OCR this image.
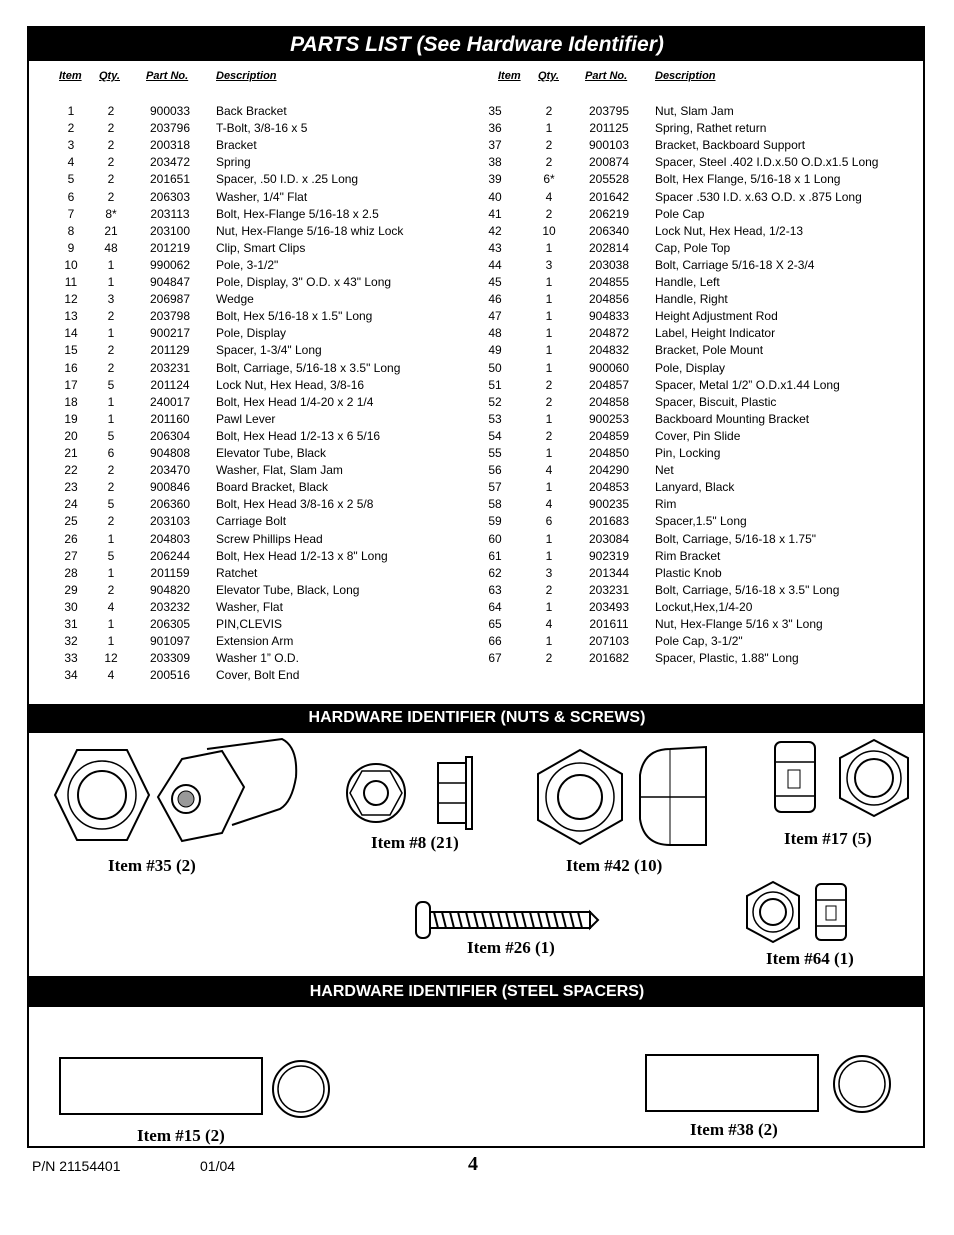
PARTS LIST (See Hardware Identifier)
Item Qty. Part No.	Description	Item Qty. Part No.	Description
1	2	900033	Back Bracket
2	2	203796	T-Bolt, 3/8-16 x 5
3	2	200318	Bracket
4	2	203472	Spring
5	2	201651	Spacer, .50 I.D. x .25 Long
6	2	206303	Washer, 1/4" Flat
7	8*	203113	Bolt, Hex-Flange 5/16-18 x 2.5
8	21	203100	Nut, Hex-Flange 5/16-18 whiz Lock
9	48	201219	Clip, Smart Clips
10	1	990062	Pole, 3-1/2"
11	1	904847	Pole, Display, 3" O.D. x 43" Long
12	3	206987	Wedge
13	2	203798	Bolt, Hex 5/16-18 x 1.5" Long
14	1	900217	Pole, Display
15	2	201129	Spacer, 1-3/4" Long
16	2	203231	Bolt, Carriage, 5/16-18 x 3.5" Long
17	5	201124	Lock Nut, Hex Head, 3/8-16
18	1	240017	Bolt, Hex Head 1/4-20 x 2 1/4
19	1	201160	Pawl Lever
20	5	206304	Bolt, Hex Head 1/2-13 x 6 5/16
21	6	904808	Elevator Tube, Black
22	2	203470	Washer, Flat, Slam Jam
23	2	900846	Board Bracket, Black
24	5	206360	Bolt, Hex Head 3/8-16 x 2 5/8
25	2	203103	Carriage Bolt
26	1	204803	Screw Phillips Head
27	5	206244	Bolt, Hex Head 1/2-13 x 8" Long
28	1	201159	Ratchet
29	2	904820	Elevator Tube, Black, Long
30	4	203232	Washer, Flat
31	1	206305	PIN,CLEVIS
32	1	901097	Extension Arm
33	12	203309	Washer 1” O.D.
34	4	200516	Cover, Bolt End
35	2	203795	Nut, Slam Jam
36	1	201125	Spring, Rathet return
37	2	900103	Bracket, Backboard Support
38	2	200874	Spacer, Steel .402 I.D.x.50 O.D.x1.5 Long
39	6*	205528	Bolt, Hex Flange, 5/16-18 x 1 Long
40	4	201642	Spacer .530 I.D. x.63 O.D. x .875 Long
41	2	206219	Pole Cap
42	10	206340	Lock Nut, Hex Head, 1/2-13
43	1	202814	Cap, Pole Top
44	3	203038	Bolt, Carriage 5/16-18 X 2-3/4
45	1	204855	Handle, Left
46	1	204856	Handle, Right
47	1	904833	Height Adjustment Rod
48	1	204872	Label, Height Indicator
49	1	204832	Bracket, Pole Mount
50	1	900060	Pole, Display
51	2	204857	Spacer, Metal 1/2” O.D.x1.44 Long
52	2	204858	Spacer, Biscuit, Plastic
53	1	900253	Backboard Mounting Bracket
54	2	204859	Cover, Pin Slide
55	1	204850	Pin, Locking
56	4	204290	Net
57	1	204853	Lanyard, Black
58	4	900235	Rim
59	6	201683	Spacer,1.5" Long
60	1	203084	Bolt, Carriage, 5/16-18 x 1.75"
61	1	902319	Rim Bracket
62	3	201344	Plastic Knob
63	2	203231	Bolt, Carriage, 5/16-18 x 3.5" Long
64	1	203493	Lockut,Hex,1/4-20
65	4	201611	Nut, Hex-Flange 5/16 x 3" Long
66	1	207103	Pole Cap, 3-1/2"
67	2	201682	Spacer, Plastic, 1.88" Long
HARDWARE IDENTIFIER (NUTS & SCREWS)
Item #35 (2)
Item #8 (21)
Item #42 (10)
Item #17 (5)
Item #26 (1)
Item #64 (1)
HARDWARE IDENTIFIER (STEEL SPACERS)
Item #15 (2)	Item #38 (2)
P/N 21154401	01/04	4
